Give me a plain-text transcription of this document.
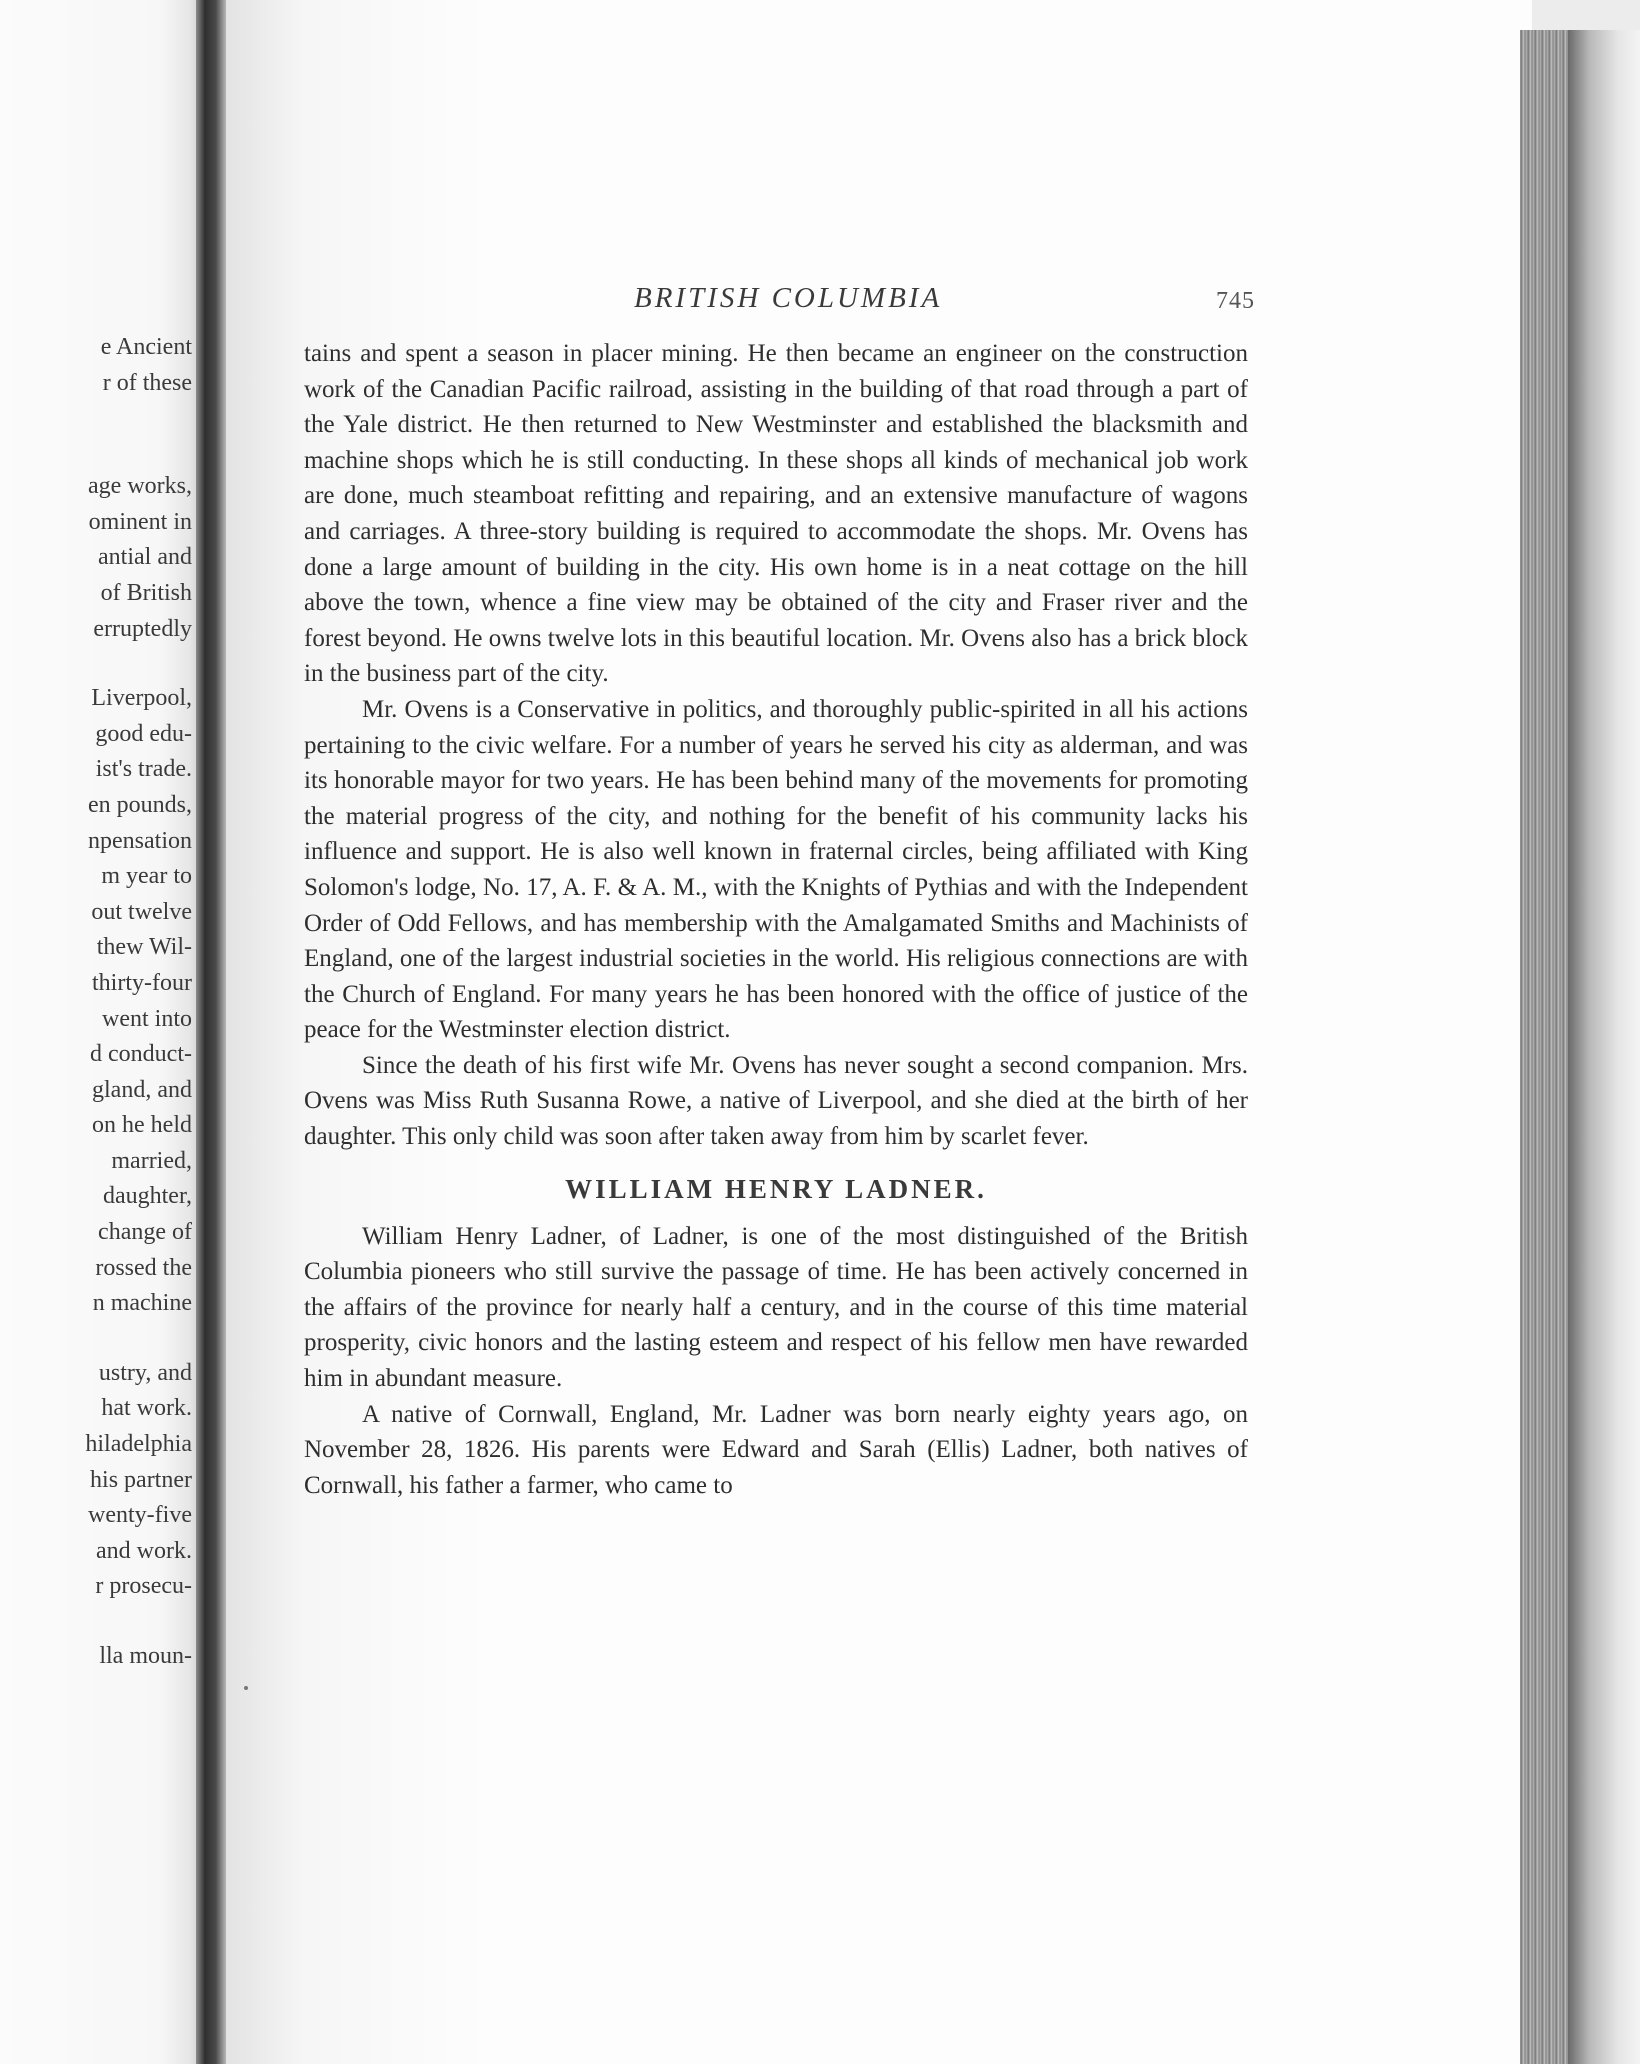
e Ancient
r of these
age works,
ominent in
antial and
of British
erruptedly
Liverpool,
good edu-
ist's trade.
en pounds,
npensation
m year to
out twelve
thew Wil-
thirty-four
went into
d conduct-
gland, and
on he held
married,
daughter,
change of
rossed the
n machine
ustry, and
hat work.
hiladelphia
his partner
wenty-five
and work.
r prosecu-
lla moun-
BRITISH COLUMBIA	745

tains and spent a season in placer mining. He then became an engineer on the construction work of the Canadian Pacific railroad, assisting in the building of that road through a part of the Yale district. He then returned to New Westminster and established the blacksmith and machine shops which he is still conducting. In these shops all kinds of mechanical job work are done, much steamboat refitting and repairing, and an extensive manufacture of wagons and carriages. A three-story building is required to accommodate the shops. Mr. Ovens has done a large amount of building in the city. His own home is in a neat cottage on the hill above the town, whence a fine view may be obtained of the city and Fraser river and the forest beyond. He owns twelve lots in this beautiful location. Mr. Ovens also has a brick block in the business part of the city.

Mr. Ovens is a Conservative in politics, and thoroughly public-spirited in all his actions pertaining to the civic welfare. For a number of years he served his city as alderman, and was its honorable mayor for two years. He has been behind many of the movements for promoting the material progress of the city, and nothing for the benefit of his community lacks his influence and support. He is also well known in fraternal circles, being affiliated with King Solomon's lodge, No. 17, A. F. & A. M., with the Knights of Pythias and with the Independent Order of Odd Fellows, and has membership with the Amalgamated Smiths and Machinists of England, one of the largest industrial societies in the world. His religious connections are with the Church of England. For many years he has been honored with the office of justice of the peace for the Westminster election district.

Since the death of his first wife Mr. Ovens has never sought a second companion. Mrs. Ovens was Miss Ruth Susanna Rowe, a native of Liverpool, and she died at the birth of her daughter. This only child was soon after taken away from him by scarlet fever.

WILLIAM HENRY LADNER.

William Henry Ladner, of Ladner, is one of the most distinguished of the British Columbia pioneers who still survive the passage of time. He has been actively concerned in the affairs of the province for nearly half a century, and in the course of this time material prosperity, civic honors and the lasting esteem and respect of his fellow men have rewarded him in abundant measure.

A native of Cornwall, England, Mr. Ladner was born nearly eighty years ago, on November 28, 1826. His parents were Edward and Sarah (Ellis) Ladner, both natives of Cornwall, his father a farmer, who came to
